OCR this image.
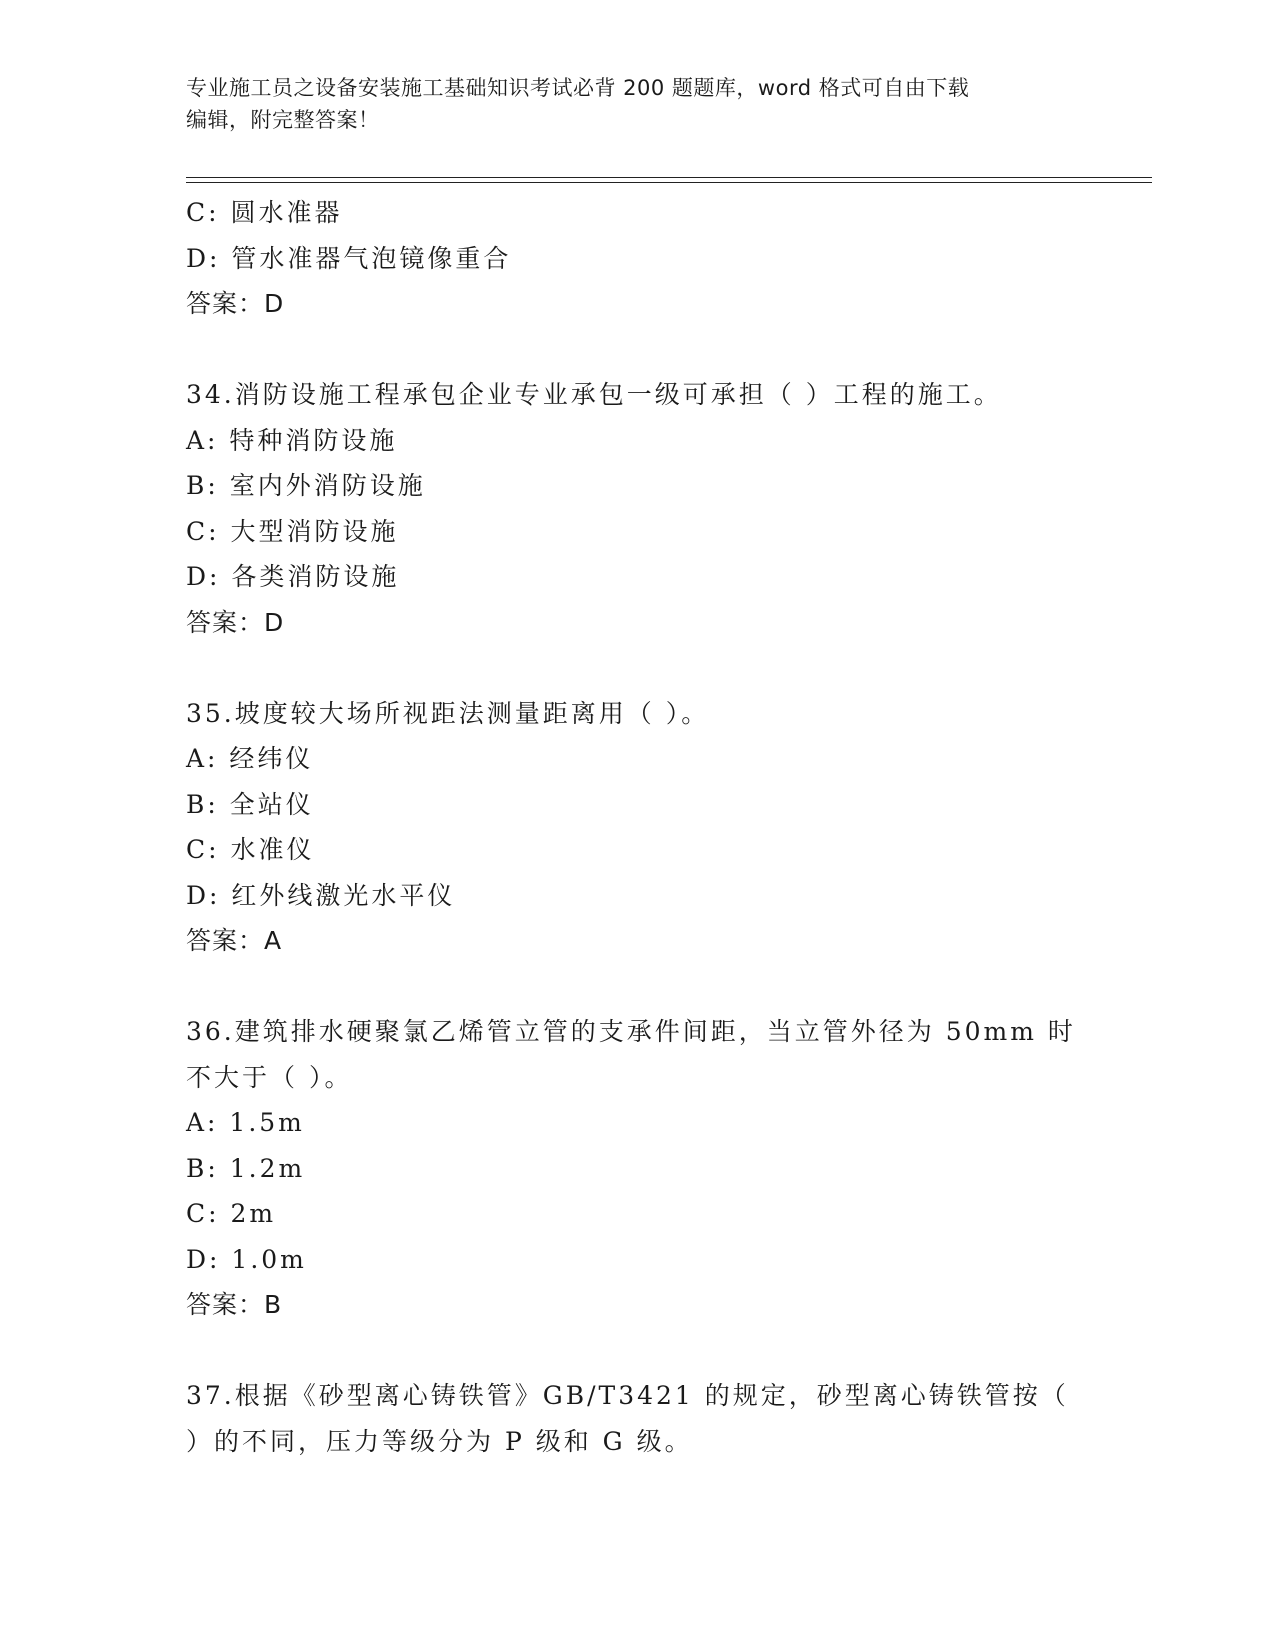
专业施工员之设备安装施工基础知识考试必背 200 题题库，word 格式可自由下载
编辑，附完整答案！
C: 圆水准器
D: 管水准器气泡镜像重合
答案：D
34.消防设施工程承包企业专业承包一级可承担（ ）工程的施工。
A: 特种消防设施
B: 室内外消防设施
C: 大型消防设施
D: 各类消防设施
答案：D
35.坡度较大场所视距法测量距离用（ ）。
A: 经纬仪
B: 全站仪
C: 水准仪
D: 红外线激光水平仪
答案：A
36.建筑排水硬聚氯乙烯管立管的支承件间距，当立管外径为 50mm 时
不大于（ ）。
A: 1.5m
B: 1.2m
C: 2m
D: 1.0m
答案：B
37.根据《砂型离心铸铁管》GB/T3421 的规定，砂型离心铸铁管按（
）的不同，压力等级分为 P 级和 G 级。
